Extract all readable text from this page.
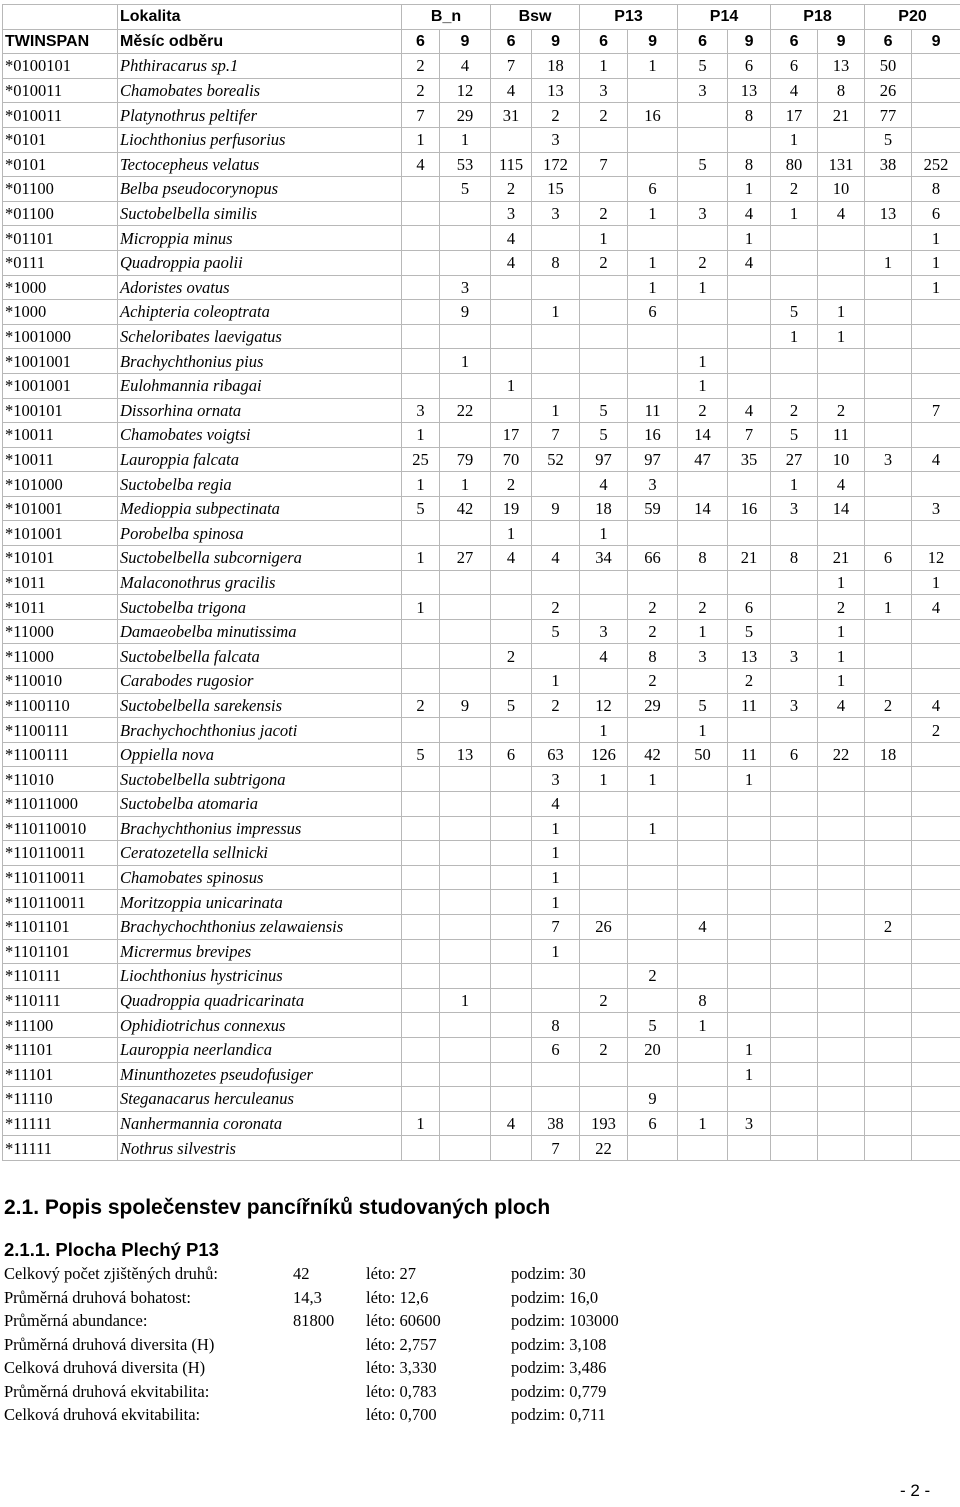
	Lokalita	B_n		Bsw		P13		P14		P18		P20	
TWINSPAN	Měsíc odběru	6	9	6	9	6	9	6	9	6	9	6	9
*0100101	Phthiracarus sp.1	2	4	7	18	1	1	5	6	6	13	50	
*010011	Chamobates borealis	2	12	4	13	3		3	13	4	8	26	
*010011	Platynothrus peltifer	7	29	31	2	2	16		8	17	21	77	
*0101	Liochthonius perfusorius	1	1		3					1		5	
*0101	Tectocepheus velatus	4	53	115	172	7		5	8	80	131	38	252
*01100	Belba pseudocorynopus		5	2	15		6		1	2	10		8
*01100	Suctobelbella similis			3	3	2	1	3	4	1	4	13	6
*01101	Microppia minus			4		1			1				1
*0111	Quadroppia paolii			4	8	2	1	2	4			1	1
*1000	Adoristes ovatus		3				1	1					1
*1000	Achipteria coleoptrata		9		1		6			5	1		
*1001000	Scheloribates laevigatus									1	1		
*1001001	Brachychthonius pius		1					1					
*1001001	Eulohmannia ribagai			1				1					
*100101	Dissorhina ornata	3	22		1	5	11	2	4	2	2		7
*10011	Chamobates voigtsi	1		17	7	5	16	14	7	5	11		
*10011	Lauroppia falcata	25	79	70	52	97	97	47	35	27	10	3	4
*101000	Suctobelba regia	1	1	2		4	3			1	4		
*101001	Medioppia subpectinata	5	42	19	9	18	59	14	16	3	14		3
*101001	Porobelba spinosa			1		1							
*10101	Suctobelbella subcornigera	1	27	4	4	34	66	8	21	8	21	6	12
*1011	Malaconothrus gracilis										1		1
*1011	Suctobelba trigona	1			2		2	2	6		2	1	4
*11000	Damaeobelba minutissima				5	3	2	1	5		1		
*11000	Suctobelbella falcata			2		4	8	3	13	3	1		
*110010	Carabodes rugosior				1		2		2		1		
*1100110	Suctobelbella sarekensis	2	9	5	2	12	29	5	11	3	4	2	4
*1100111	Brachychochthonius jacoti					1		1					2
*1100111	Oppiella nova	5	13	6	63	126	42	50	11	6	22	18	
*11010	Suctobelbella subtrigona				3	1	1		1				
*11011000	Suctobelba atomaria				4								
*110110010	Brachychthonius impressus				1		1						
*110110011	Ceratozetella sellnicki				1								
*110110011	Chamobates spinosus				1								
*110110011	Moritzoppia unicarinata				1								
*1101101	Brachychochthonius zelawaiensis				7	26		4				2	
*1101101	Micrermus brevipes				1								
*110111	Liochthonius hystricinus						2						
*110111	Quadroppia quadricarinata		1			2		8					
*11100	Ophidiotrichus connexus				8		5	1					
*11101	Lauroppia neerlandica				6	2	20		1				
*11101	Minunthozetes pseudofusiger								1				
*11110	Steganacarus herculeanus						9						
*11111	Nanhermannia coronata	1		4	38	193	6	1	3				
*11111	Nothrus silvestris				7	22							
2.1. Popis společenstev pancířníků studovaných ploch
2.1.1. Plocha Plechý P13
Celkový počet zjištěných druhů:	42	léto: 27	podzim: 30
Průměrná druhová bohatost:	14,3	léto: 12,6	podzim: 16,0
Průměrná abundance:	81800 léto: 60600	podzim: 103000
Průměrná druhová diversita (H)	léto: 2,757	podzim: 3,108
Celková druhová diversita (H)	léto: 3,330	podzim: 3,486
Průměrná druhová ekvitabilita:	léto: 0,783	podzim: 0,779
Celková druhová ekvitabilita:	léto: 0,700	podzim: 0,711
- 2 -
